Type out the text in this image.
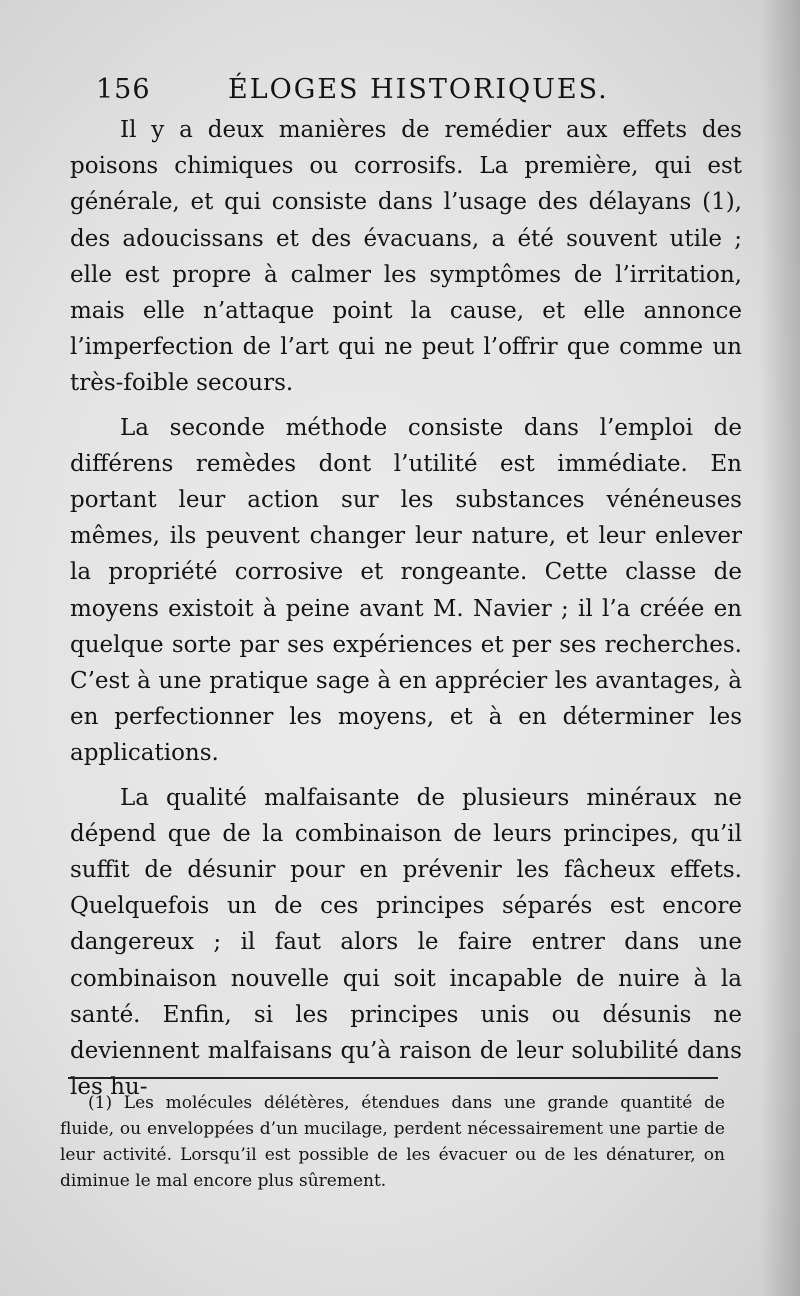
156	ÉLOGES HISTORIQUES.

Il y a deux manières de remédier aux effets des poisons chimiques ou corrosifs. La première, qui est générale, et qui consiste dans l’usage des délayans (1), des adoucissans et des évacuans, a été souvent utile ; elle est propre à calmer les symptômes de l’irritation, mais elle n’attaque point la cause, et elle annonce l’imperfection de l’art qui ne peut l’offrir que comme un très-foible secours.

La seconde méthode consiste dans l’emploi de différens remèdes dont l’utilité est immédiate. En portant leur action sur les substances vénéneuses mêmes, ils peuvent changer leur nature, et leur enlever la propriété corrosive et rongeante. Cette classe de moyens existoit à peine avant M. Navier ; il l’a créée en quelque sorte par ses expériences et per ses recherches. C’est à une pratique sage à en apprécier les avantages, à en perfectionner les moyens, et à en déterminer les applications.

La qualité malfaisante de plusieurs minéraux ne dépend que de la combinaison de leurs principes, qu’il suffit de désunir pour en prévenir les fâcheux effets. Quelquefois un de ces principes séparés est encore dangereux ; il faut alors le faire entrer dans une combinaison nouvelle qui soit incapable de nuire à la santé. Enfin, si les principes unis ou désunis ne deviennent malfaisans qu’à raison de leur solubilité dans les hu-

(1) Les molécules délétères, étendues dans une grande quantité de fluide, ou enveloppées d’un mucilage, perdent nécessairement une partie de leur activité. Lorsqu’il est possible de les évacuer ou de les dénaturer, on diminue le mal encore plus sûrement.
